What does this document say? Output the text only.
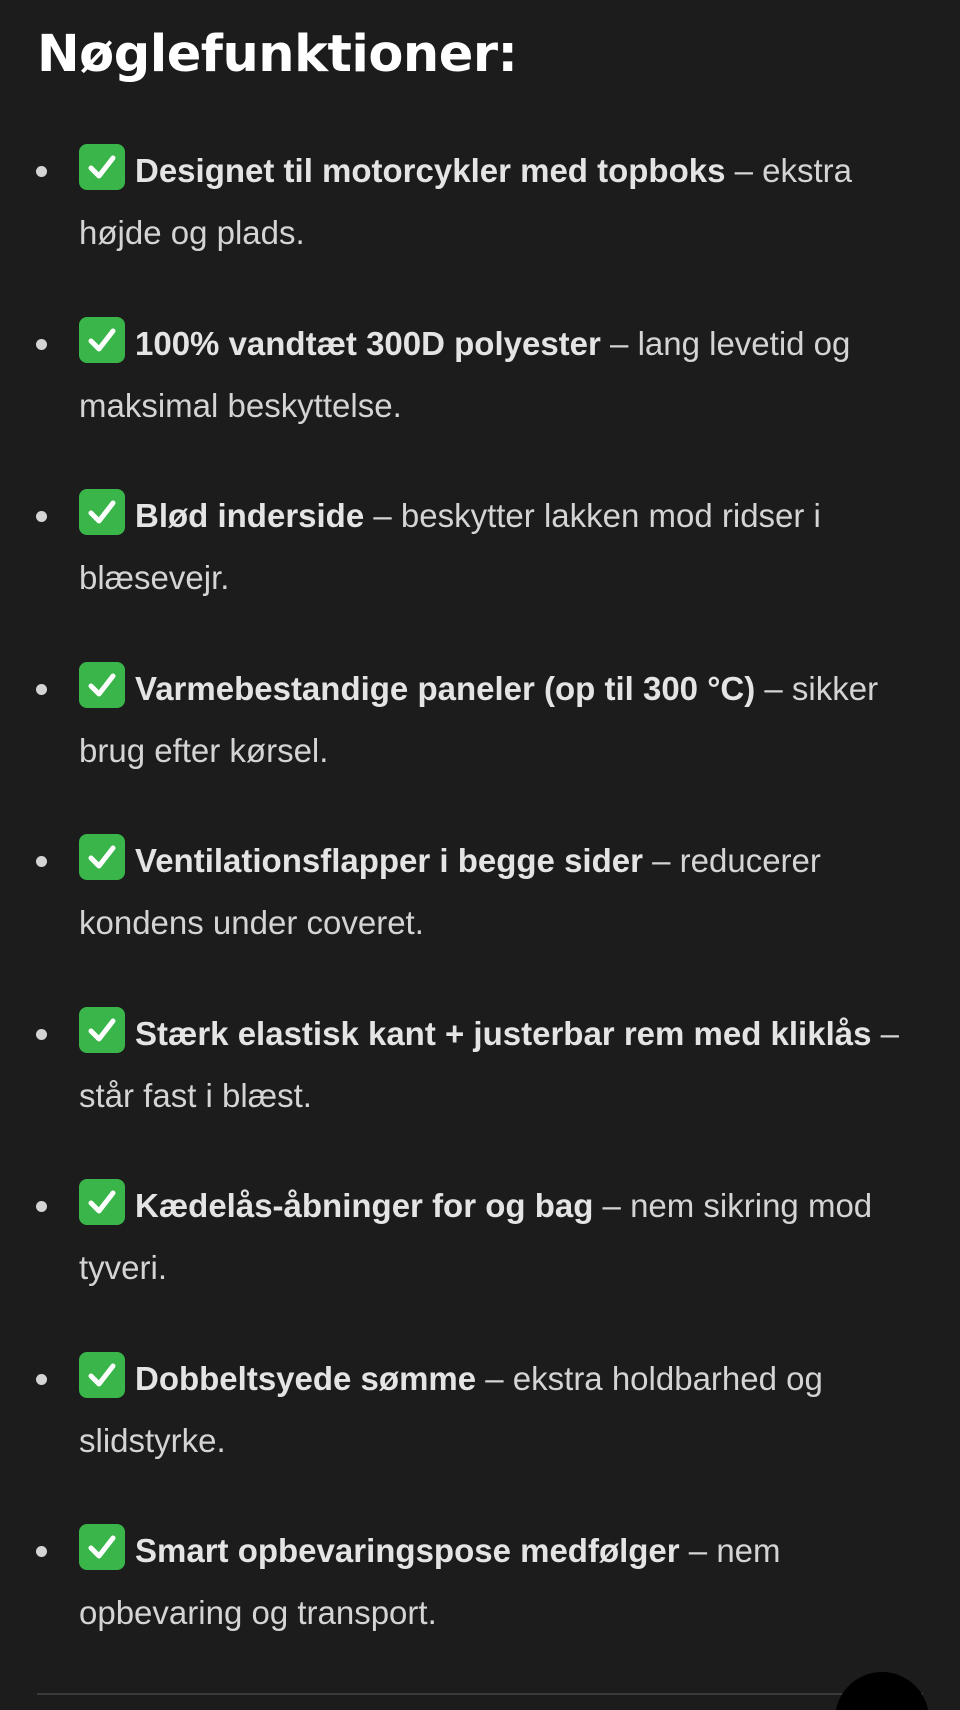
Nøglefunktioner:
Designet til motorcykler med topboks – ekstra højde og plads.
100% vandtæt 300D polyester – lang levetid og maksimal beskyttelse.
Blød inderside – beskytter lakken mod ridser i blæsevejr.
Varmebestandige paneler (op til 300 °C) – sikker brug efter kørsel.
Ventilationsflapper i begge sider – reducerer kondens under coveret.
Stærk elastisk kant + justerbar rem med kliklås – står fast i blæst.
Kædelås-åbninger for og bag – nem sikring mod tyveri.
Dobbeltsyede sømme – ekstra holdbarhed og slidstyrke.
Smart opbevaringspose medfølger – nem opbevaring og transport.
